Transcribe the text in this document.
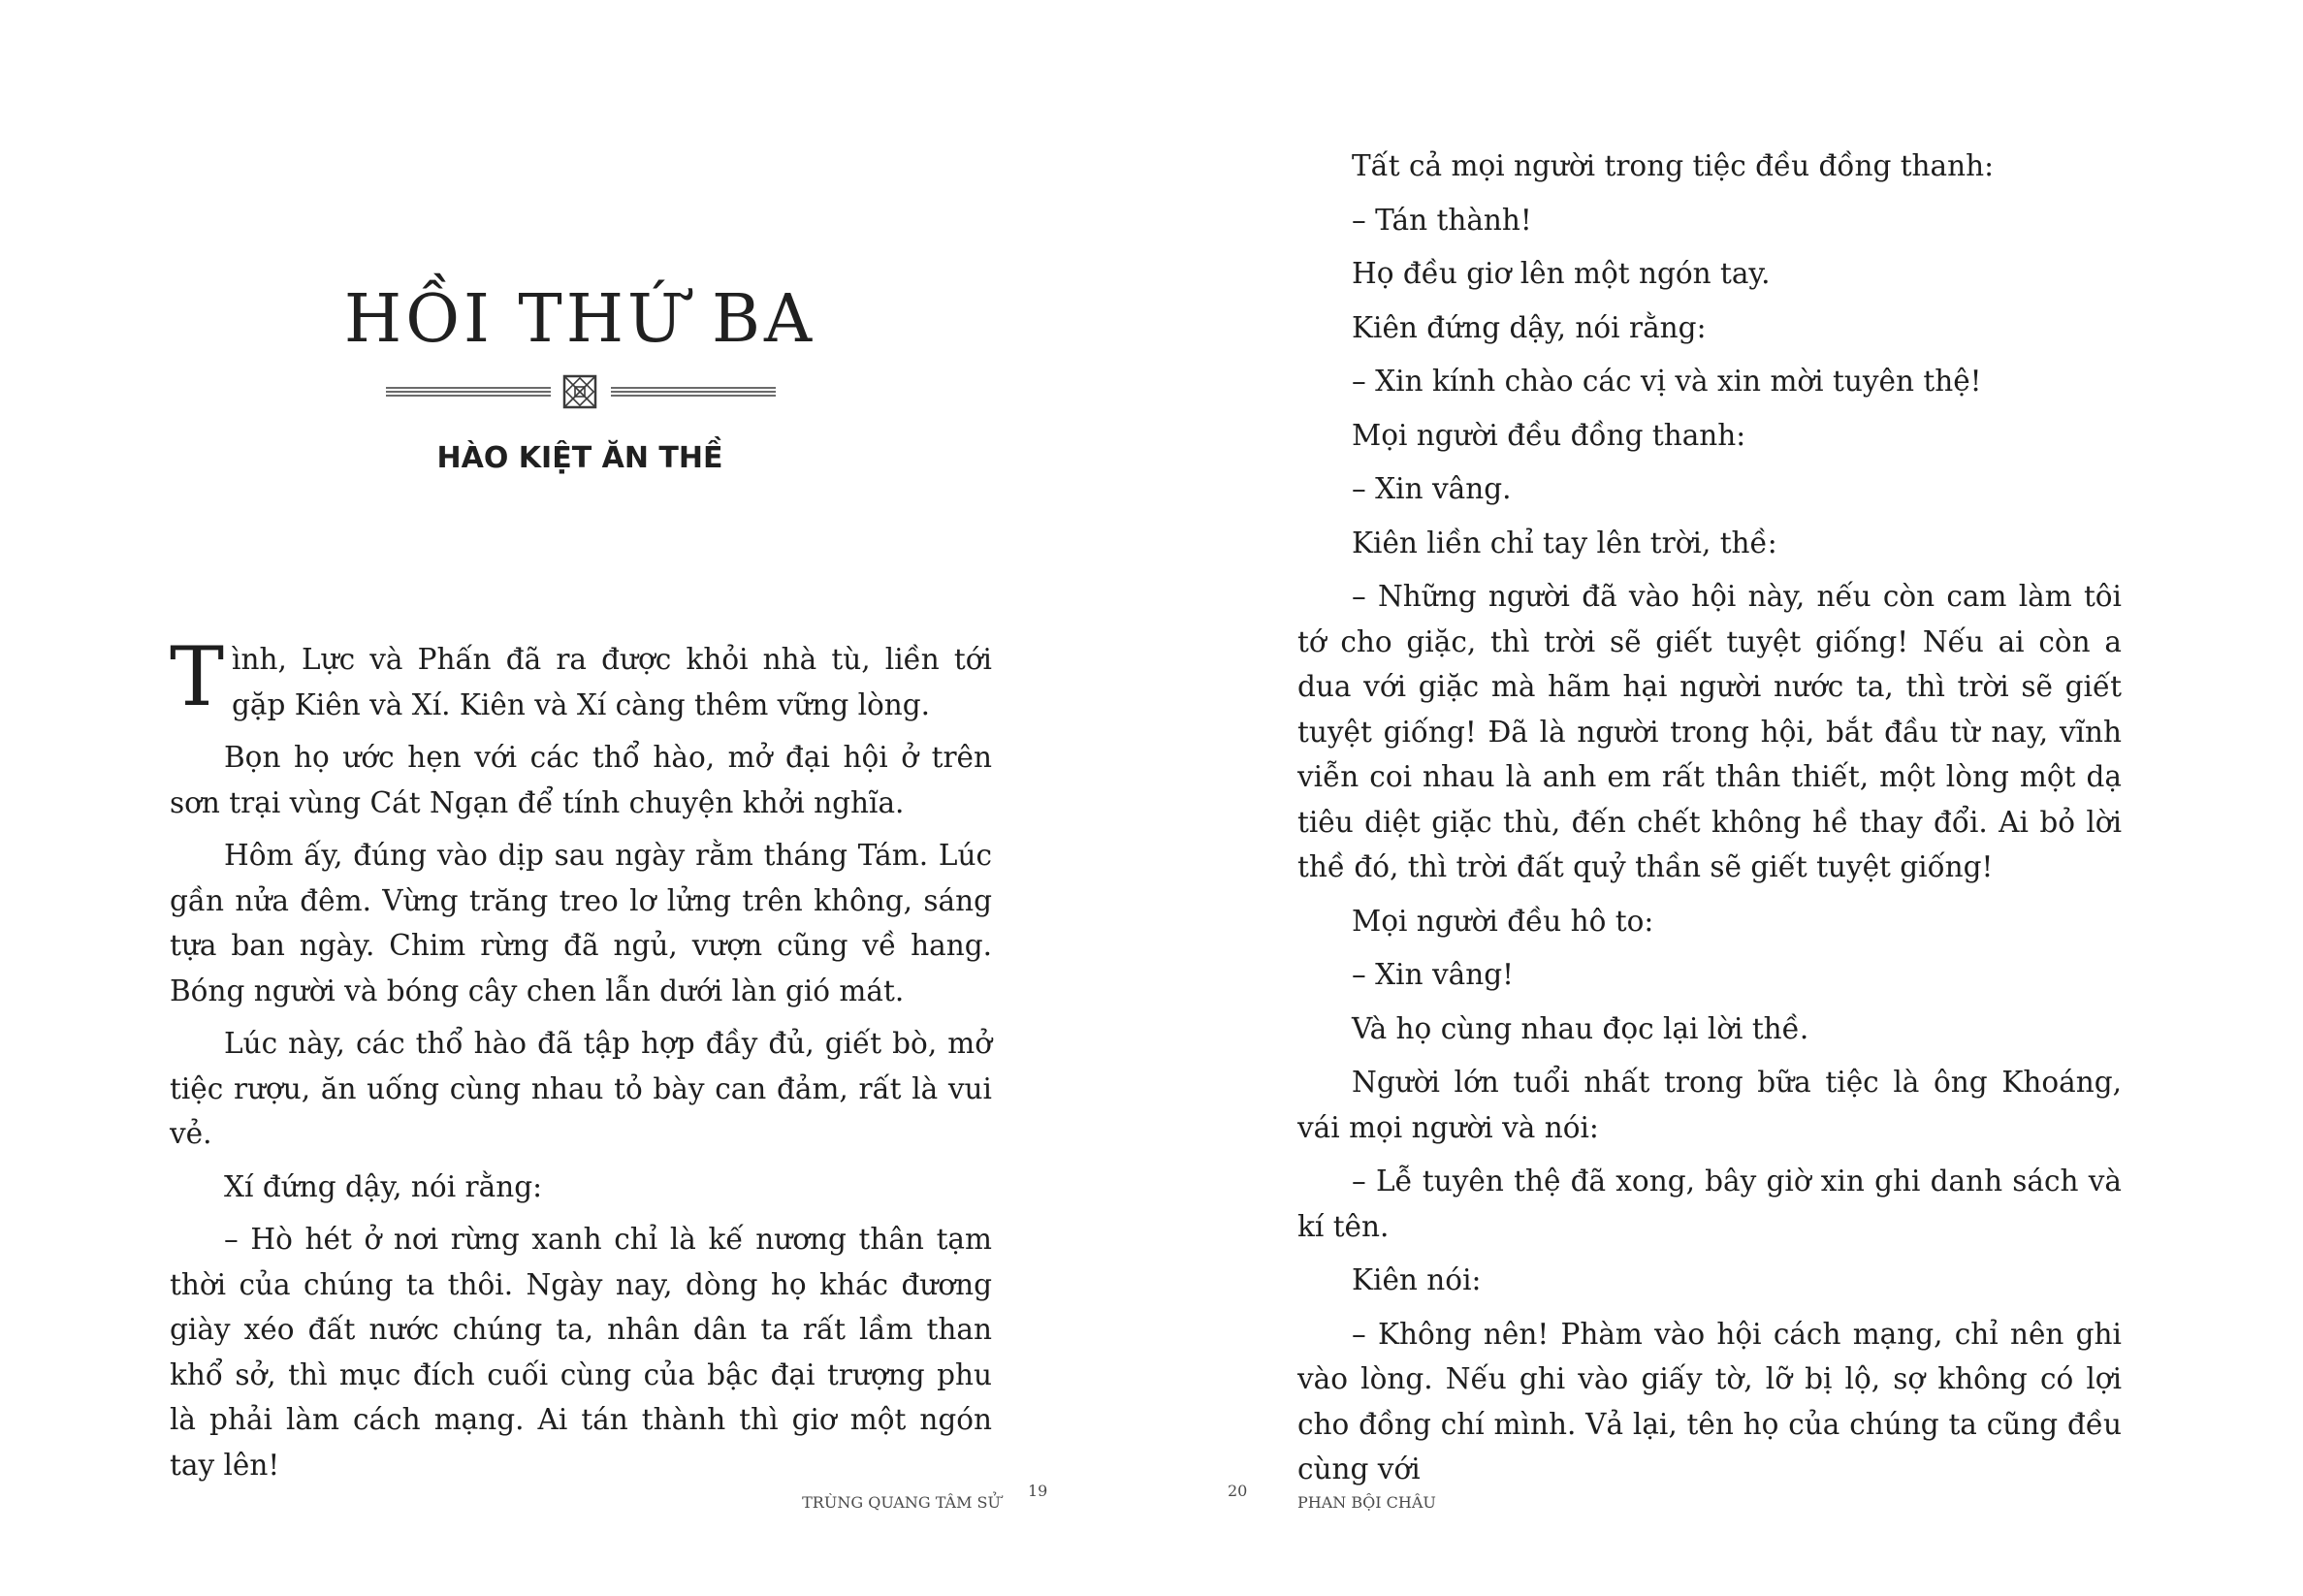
HỒI THỨ BA
HÀO KIỆT ĂN THỀ

Tình, Lực và Phấn đã ra được khỏi nhà tù, liền tới gặp Kiên và Xí. Kiên và Xí càng thêm vững lòng.

Bọn họ ước hẹn với các thổ hào, mở đại hội ở trên sơn trại vùng Cát Ngạn để tính chuyện khởi nghĩa.

Hôm ấy, đúng vào dịp sau ngày rằm tháng Tám. Lúc gần nửa đêm. Vừng trăng treo lơ lửng trên không, sáng tựa ban ngày. Chim rừng đã ngủ, vượn cũng về hang. Bóng người và bóng cây chen lẫn dưới làn gió mát.

Lúc này, các thổ hào đã tập hợp đầy đủ, giết bò, mở tiệc rượu, ăn uống cùng nhau tỏ bày can đảm, rất là vui vẻ.

Xí đứng dậy, nói rằng:

– Hò hét ở nơi rừng xanh chỉ là kế nương thân tạm thời của chúng ta thôi. Ngày nay, dòng họ khác đương giày xéo đất nước chúng ta, nhân dân ta rất lầm than khổ sở, thì mục đích cuối cùng của bậc đại trượng phu là phải làm cách mạng. Ai tán thành thì giơ một ngón tay lên!

TRÙNG QUANG TÂM SỬ
19

Tất cả mọi người trong tiệc đều đồng thanh:

– Tán thành!

Họ đều giơ lên một ngón tay.

Kiên đứng dậy, nói rằng:

– Xin kính chào các vị và xin mời tuyên thệ!

Mọi người đều đồng thanh:

– Xin vâng.

Kiên liền chỉ tay lên trời, thề:

– Những người đã vào hội này, nếu còn cam làm tôi tớ cho giặc, thì trời sẽ giết tuyệt giống! Nếu ai còn a dua với giặc mà hãm hại người nước ta, thì trời sẽ giết tuyệt giống! Đã là người trong hội, bắt đầu từ nay, vĩnh viễn coi nhau là anh em rất thân thiết, một lòng một dạ tiêu diệt giặc thù, đến chết không hề thay đổi. Ai bỏ lời thề đó, thì trời đất quỷ thần sẽ giết tuyệt giống!

Mọi người đều hô to:

– Xin vâng!

Và họ cùng nhau đọc lại lời thề.

Người lớn tuổi nhất trong bữa tiệc là ông Khoáng, vái mọi người và nói:

– Lễ tuyên thệ đã xong, bây giờ xin ghi danh sách và kí tên.

Kiên nói:

– Không nên! Phàm vào hội cách mạng, chỉ nên ghi vào lòng. Nếu ghi vào giấy tờ, lỡ bị lộ, sợ không có lợi cho đồng chí mình. Vả lại, tên họ của chúng ta cũng đều cùng với

20
PHAN BỘI CHÂU
